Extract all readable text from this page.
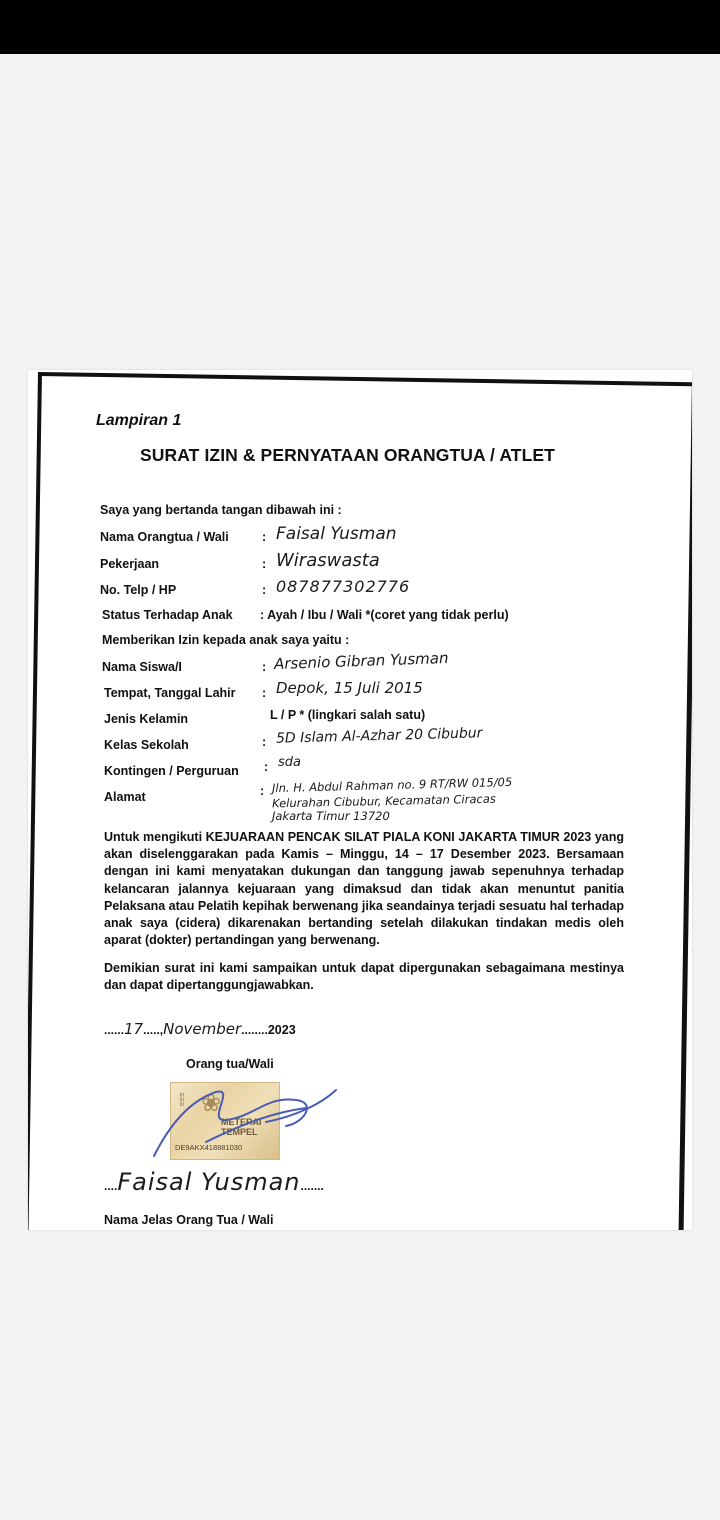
Lampiran 1
SURAT IZIN & PERNYATAAN ORANGTUA / ATLET
Saya yang bertanda tangan dibawah ini :
Nama Orangtua / Wali	: Faisal Yusman
Pekerjaan	: Wiraswasta
No. Telp / HP	: 087877302776
Status Terhadap Anak : Ayah / Ibu / Wali *(coret yang tidak perlu)
Memberikan Izin kepada anak saya yaitu :
Nama Siswa/I	: Arsenio Gibran Yusman
Tempat, Tanggal Lahir : Depok, 15 Juli 2015
Jenis Kelamin	L / P * (lingkari salah satu)
Kelas Sekolah	: 5D Islam Al-Azhar 20 Cibubur
Kontingen / Perguruan : sda
Alamat	: Jln. H. Abdul Rahman no. 9 RT/RW 015/05
Kelurahan Cibubur, Kecamatan Ciracas
Jakarta Timur 13720
Untuk mengikuti KEJUARAAN PENCAK SILAT PIALA KONI JAKARTA TIMUR 2023 yang akan diselenggarakan pada Kamis – Minggu, 14 – 17 Desember 2023. Bersamaan dengan ini kami menyatakan dukungan dan tanggung jawab sepenuhnya terhadap kelancaran jalannya kejuaraan yang dimaksud dan tidak akan menuntut panitia Pelaksana atau Pelatih kepihak berwenang jika seandainya terjadi sesuatu hal terhadap anak saya (cidera) dikarenakan bertanding setelah dilakukan tindakan medis oleh aparat (dokter) pertandingan yang berwenang.
Demikian surat ini kami sampaikan untuk dapat dipergunakan sebagaimana mestinya dan dapat dipertanggungjawabkan.
......17.....,November........2023
Orang tua/Wali
≡≡≡ ❀
METERAI TEMPEL
DE9AKX418881030
....Faisal Yusman.......
Nama Jelas Orang Tua / Wali
